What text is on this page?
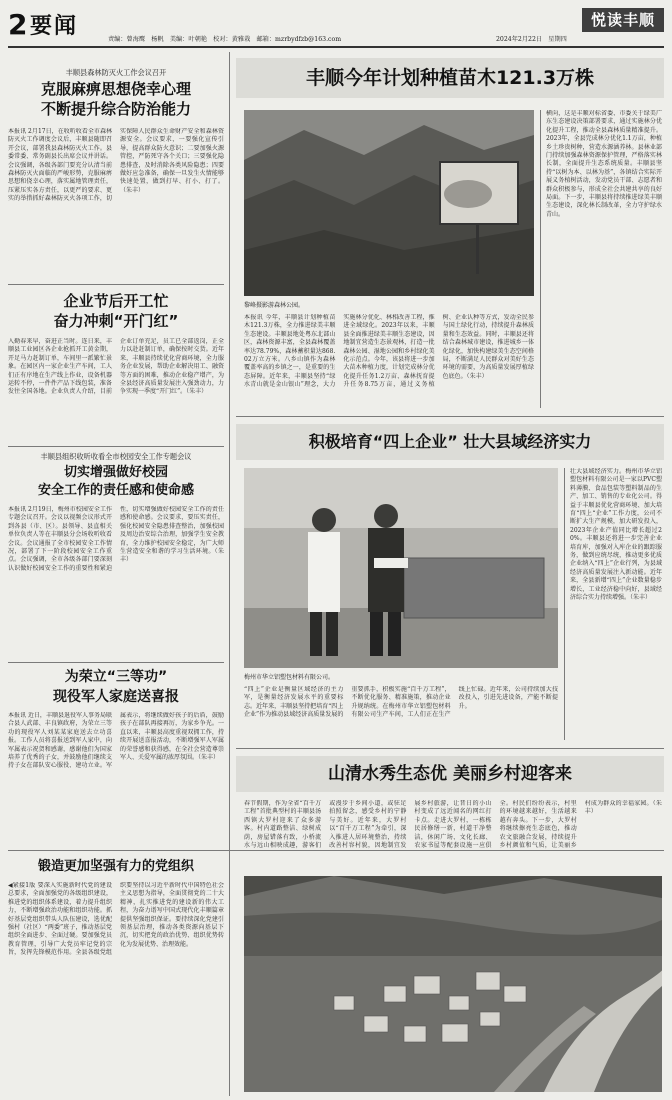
2 要闻
责编：曾海鹰　杨帆　美编：叶朝艳　校对：黄雅栽　邮箱：mzrbydfzb@163.com	2024年2月22日　星期四
悦读丰顺
丰顺县森林防灭火工作会议召开
克服麻痹思想侥幸心理
不断提升综合防治能力
本报讯 2月17日，在收听收看全市森林防灭火工作调度会议后，丰顺县随即召开会议，部署我县森林防灭火工作。县委常委、常务副县长出席会议并讲话。会议强调，各级各部门要充分认清当前森林防灭火面临的严峻形势，克服麻痹思想和侥幸心理，落实属地管理责任，压紧压实各方责任，以更严的要求、更实的举措抓好森林防灭火各项工作，切实保障人民群众生命财产安全和森林资源安全。会议要求，一要强化宣传引导，提高群众防火意识；二要加强火源管控，严防死守各个关口；三要强化隐患排查，及时消除各类风险隐患；四要做好应急准备，确保一旦发生火情能够快速处置，做到打早、打小、打了。（朱丰）
企业节后开工忙
奋力冲刺“开门红”
入勤春来早，奋进正当时。连日来，丰顺县工业园区各企业抢抓开工黄金期，开足马力赶制订单，车间里一派繁忙景象。在园区内一家企业生产车间，工人们正有序地在生产线上作业，设备机器运转不停，一件件产品下线包装，准备发往全国各地。企业负责人介绍，目前企业订单充足，员工已全部返岗，正全力以赴赶制订单，确保按时交货。近年来，丰顺县持续优化营商环境，全力服务企业发展，帮助企业解决用工、融资等方面的困难，推动企业稳产增产，为全县经济高质量发展注入强劲动力，力争实现一季度“开门红”。（朱丰）
丰顺县组织收听收看全市校园安全工作专题会议
切实增强做好校园
安全工作的责任感和使命感
本报讯 2月19日，梅州市校园安全工作专题会议召开。会议以视频会议形式开到各县（市、区）。县领导、县直相关单位负责人等在丰顺县分会场收听收看会议。会议通报了全市校园安全工作情况，部署了下一阶段校园安全工作重点。会议强调，全市各级各部门要深刻认识做好校园安全工作的重要性和紧迫性，切实增强做好校园安全工作的责任感和使命感。会议要求，要压实责任，强化校园安全隐患排查整治，加强校园及周边治安综合治理，加强学生安全教育，全力维护校园安全稳定，为广大师生营造安全和谐的学习生活环境。（朱丰）
为荣立“三等功”
现役军人家庭送喜报
本报讯 近日，丰顺县退役军人事务局联合县人武部、丰良镇政府，为荣立三等功的现役军人刘某某家庭送去立功喜报。工作人员将喜报送到军人家中，向军属表示祝贺和感谢，感谢他们为国家培养了优秀的子女，并鼓励他们继续支持子女在部队安心服役、建功立业。军属表示，将继续做好孩子的后盾，鼓励孩子在部队再接再厉，为家乡争光。一直以来，丰顺县高度重视双拥工作，持续开展送喜报活动，不断增强军人军属的荣誉感和获得感，在全社会营造尊崇军人、关爱军属的浓厚氛围。（朱丰）
锻造更加坚强有力的党组织
◀紧接1版 要深入实施新时代党的建设总要求，全面加强党的各级组织建设，推进党的组织体系建设，着力提升组织力，不断增强政治功能和组织功能。抓好基层党组织带头人队伍建设，选优配强村（社区）“两委”班子，推动基层党组织全面进步、全面过硬。要加强党员教育管理，引导广大党员牢记党的宗旨，发挥先锋模范作用。全县各级党组织要坚持以习近平新时代中国特色社会主义思想为指导，全面贯彻党的二十大精神，扎实推进党的建设新的伟大工程，为奋力谱写中国式现代化丰顺篇章提供坚强组织保证。要持续深化党建引领基层治理，推动各类资源向基层下沉，切实把党的政治优势、组织优势转化为发展优势、治理效能。
丰顺今年计划种植苗木121.3万株
黎峰摄影游森林公园。
本报讯 今年，丰顺县计划种植苗木121.3万株，全力推进绿美丰顺生态建设。丰顺县地处粤东北部山区，森林资源丰富，全县森林覆盖率达78.79%，森林蓄积量达868.02万立方米。八乡山镇作为森林覆盖率高的乡镇之一，是重要的生态屏障。近年来，丰顺县坚持“绿水青山就是金山银山”理念，大力实施林分优化、林相改善工程，推进全域绿化。2023年以来，丰顺县全面推进绿美丰顺生态建设，因地制宜营造生态景观林，打造一批森林公园、湿地公园和乡村绿化美化示范点。今年，该县将进一步加大苗木种植力度，计划完成林分优化提升任务1.2万亩、森林抚育提升任务8.75万亩，通过义务植树、企业认种等方式，发动全民参与国土绿化行动，持续提升森林质量和生态效益。同时，丰顺县还将结合森林城市建设，推进城乡一体化绿化，加快构建绿美生态空间格局，不断满足人民群众对美好生态环境的需要，为高质量发展厚植绿色底色。（朱丰）
横向，这是丰顺对标省委、市委关于绿美广东生态建设决策部署要求，通过实施林分优化提升工程，推动全县森林质量精准提升。2023年，全县完成林分优化1.1万亩，种植乡土珍贵树种，营造水源涵养林。县林业部门持续加强森林资源保护管理，严格落实林长制，全面提升生态系统质量。丰顺县坚持“以树为本、以林为基”，各镇结合实际开展义务植树活动，发动党员干部、志愿者和群众积极参与，形成全社会共建共享的良好局面。下一步，丰顺县将持续推进绿美丰顺生态建设，深化林长制改革，全力守护绿水青山。
积极培育“四上企业” 壮大县域经济实力
梅州市华立铝塑包材料有限公司。
“四上”企业是衡量区域经济的主力军，是衡量经济发展水平的重要标志。近年来，丰顺县坚持把培育“四上企业”作为推动县域经济高质量发展的重要抓手，积极实施“百千万工程”，不断优化服务、精准施策，推动企业升规纳统。在梅州市华立铝塑包材料有限公司生产车间，工人们正在生产线上忙碌。近年来，公司持续加大技改投入，引进先进设备，产能不断提升。
壮大县域经济实力。梅州市华立铝塑包材料有限公司是一家以PVC塑料薄膜、食品包装等塑料制品的生产、加工、销售的专业化公司。得益于丰顺县优化营商环境、加大培育“四上“企业”工作力度，公司不断扩大生产规模，加大研发投入，2023年企业产值同比增长超过20%。丰顺县还将进一步完善企业培育库，加强对入库企业的跟踪服务，做到应统尽统，推动更多优质企业纳入“四上”企业行列，为县域经济高质量发展注入新动能。近年来，全县新增“四上”企业数量稳步增长，工业经济稳中向好，县域经济综合实力持续增强。（朱丰）
山清水秀生态优 美丽乡村迎客来
春节假期，作为全省“百千万工程”首批典型村的丰顺县汤西镇大罗村迎来了众多游客。村内道路整洁、绿树成荫，房屋错落有致，小桥流水与远山相映成趣，游客们或漫步于乡间小道，或驻足拍照留念，感受乡村的宁静与美好。近年来，大罗村以“百千万工程”为牵引，深入推进人居环境整治，持续改善村容村貌，因地制宜发展乡村旅游，让昔日的小山村变成了远近闻名的网红打卡点。走进大罗村，一栋栋民居修缮一新，村道干净整洁，休闲广场、文化长廊、农家书屋等配套设施一应俱全。村民们纷纷表示，村里的环境越来越好，生活越来越有奔头。下一步，大罗村将继续擦亮生态底色，推动农文旅融合发展，持续提升乡村颜值和气质，让美丽乡村成为群众的幸福家园。（朱丰）
